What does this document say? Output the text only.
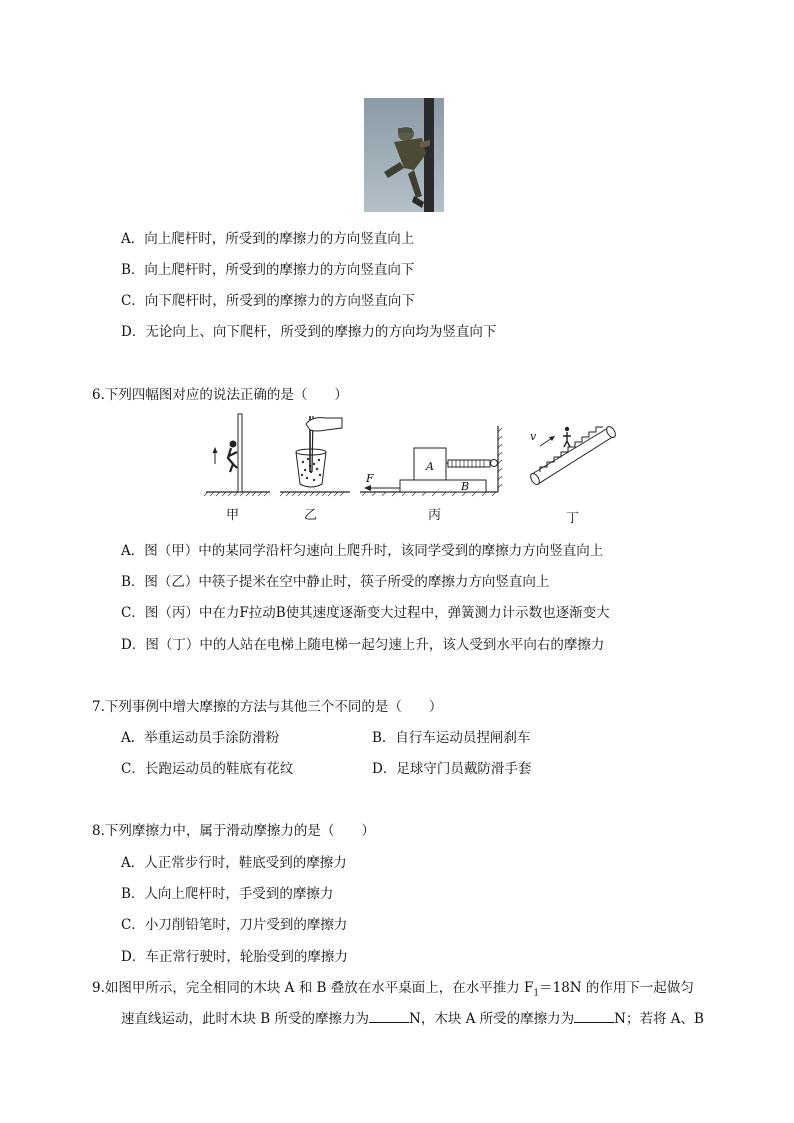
A．向上爬杆时，所受到的摩擦力的方向竖直向上
B．向上爬杆时，所受到的摩擦力的方向竖直向下
C．向下爬杆时，所受到的摩擦力的方向竖直向下
D．无论向上、向下爬杆，所受到的摩擦力的方向均为竖直向下
6.下列四幅图对应的说法正确的是（　　）
甲	乙	丙	丁
F
A
B
v
A．图（甲）中的某同学沿杆匀速向上爬升时，该同学受到的摩擦力方向竖直向上
B．图（乙）中筷子提米在空中静止时，筷子所受的摩擦力方向竖直向上
C．图（丙）中在力F拉动B使其速度逐渐变大过程中，弹簧测力计示数也逐渐变大
D．图（丁）中的人站在电梯上随电梯一起匀速上升，该人受到水平向右的摩擦力
7.下列事例中增大摩擦的方法与其他三个不同的是（　　）
A．举重运动员手涂防滑粉	B．自行车运动员捏闸刹车
C．长跑运动员的鞋底有花纹	D．足球守门员戴防滑手套
8.下列摩擦力中，属于滑动摩擦力的是（　　）
A．人正常步行时，鞋底受到的摩擦力
B．人向上爬杆时，手受到的摩擦力
C．小刀削铅笔时，刀片受到的摩擦力
D．车正常行驶时，轮胎受到的摩擦力
9.如图甲所示，完全相同的木块 A 和 B 叠放在水平桌面上，在水平推力 $F_1=18N$ 的作用下一起做匀
速直线运动，此时木块 B 所受的摩擦力为	N，木块 A 所受的摩擦力为	N；若将 A、B
